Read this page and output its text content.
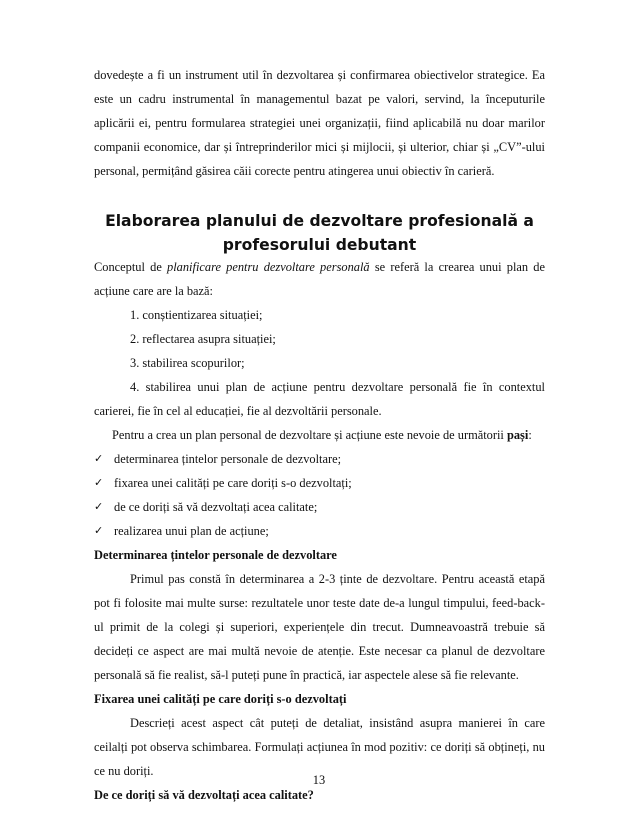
dovedește a fi un instrument util în dezvoltarea și confirmarea obiectivelor strategice. Ea este un cadru instrumental în managementul bazat pe valori, servind, la începuturile aplicării ei, pentru formularea strategiei unei organizații, fiind aplicabilă nu doar marilor companii economice, dar și întreprinderilor mici și mijlocii, și ulterior, chiar și „CV”-ului personal, permițând găsirea căii corecte pentru atingerea unui obiectiv în carieră.

Elaborarea planului de dezvoltare profesională a profesorului debutant

Conceptul de planificare pentru dezvoltare personală se referă la crearea unui plan de acțiune care are la bază:

1. conștientizarea situației;

2. reflectarea asupra situației;

3. stabilirea scopurilor;

4. stabilirea unui plan de acțiune pentru dezvoltare personală fie în contextul carierei, fie în cel al educației, fie al dezvoltării personale.

Pentru a crea un plan personal de dezvoltare și acțiune este nevoie de următorii pași:

✓ determinarea țintelor personale de dezvoltare;

✓ fixarea unei calități pe care doriți s-o dezvoltați;

✓ de ce doriți să vă dezvoltați acea calitate;

✓ realizarea unui plan de acțiune;

Determinarea țintelor personale de dezvoltare

Primul pas constă în determinarea a 2-3 ținte de dezvoltare. Pentru această etapă pot fi folosite mai multe surse: rezultatele unor teste date de-a lungul timpului, feed-back-ul primit de la colegi și superiori, experiențele din trecut. Dumneavoastră trebuie să decideți ce aspect are mai multă nevoie de atenție. Este necesar ca planul de dezvoltare personală să fie realist, să-l puteți pune în practică, iar aspectele alese să fie relevante.

Fixarea unei calități pe care doriți s-o dezvoltați

Descrieți acest aspect cât puteți de detaliat, insistând asupra manierei în care ceilalți pot observa schimbarea. Formulați acțiunea în mod pozitiv: ce doriți să obțineți, nu ce nu doriți.

De ce doriți să vă dezvoltați acea calitate?

13
